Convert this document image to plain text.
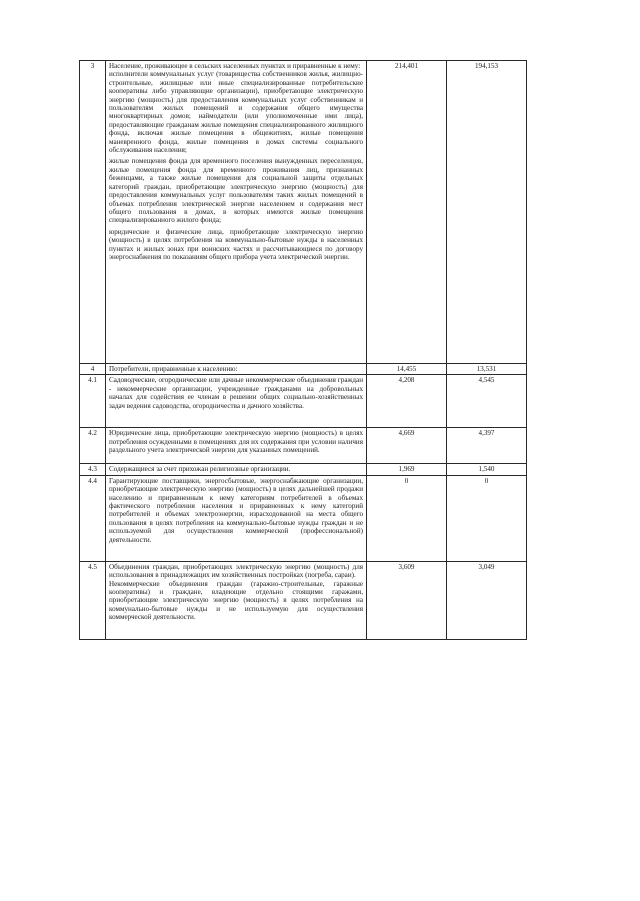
3	Население, проживающее в сельских населенных пунктах и приравненные к нему:

исполнители коммунальных услуг (товарищества собственников жилья, жилищно-строительные, жилищные или иные специализированные потребительские кооперативы либо управляющие организации), приобретающие электрическую энергию (мощность) для предоставления коммунальных услуг собственникам и пользователям жилых помещений и содержания общего имущества многоквартирных домов; наймодатели (или уполномоченные ими лица), предоставляющие гражданам жилые помещения специализированного жилищного фонда, включая жилые помещения в общежитиях, жилые помещения маневренного фонда, жилые помещения в домах системы социального обслуживания населения;

жилые помещения фонда для временного поселения вынужденных переселенцев, жилые помещения фонда для временного проживания лиц, признанных беженцами, а также жилые помещения для социальной защиты отдельных категорий граждан, приобретающие электрическую энергию (мощность) для предоставления коммунальных услуг пользователям таких жилых помещений в объемах потребления электрической энергии населением и содержания мест общего пользования в домах, в которых имеются жилые помещения специализированного жилого фонда;

юридические и физические лица, приобретающие электрическую энергию (мощность) в целях потребления на коммунально-бытовые нужды в населенных пунктах и жилых зонах при воинских частях и рассчитывающиеся по договору энергоснабжения по показаниям общего прибора учета электрической энергии.	214,401	194,153
4	Потребители, приравненные к населению:	14,455	13,531
4.1	Садоводческие, огороднические или дачные некоммерческие объединения граждан - некоммерческие организации, учрежденные гражданами на добровольных началах для содействия ее членам в решении общих социально-хозяйственных задач ведения садоводства, огородничества и дачного хозяйства.	4,208	4,545
4.2	Юридические лица, приобретающие электрическую энергию (мощность) в целях потребления осужденными в помещениях для их содержания при условии наличия раздельного учета электрической энергии для указанных помещений.	4,669	4,397
4.3	Содержащиеся за счет прихожан религиозные организации.	1,969	1,540
4.4	Гарантирующие поставщики, энергосбытовые, энергоснабжающие организации, приобретающие электрическую энергию (мощность) в целях дальнейшей продажи населению и приравненным к нему категориям потребителей в объемах фактического потребления населения и приравненных к нему категорий потребителей и объемах электроэнергии, израсходованной на места общего пользования в целях потребления на коммунально-бытовые нужды граждан и не используемой для осуществления коммерческой (профессиональной) деятельности.	0	0
4.5	Объединения граждан, приобретающих электрическую энергию (мощность) для использования в принадлежащих им хозяйственных постройках (погреба, сараи).

Некоммерческие объединения граждан (гаражно-строительные, гаражные кооперативы) и граждане, владеющие отдельно стоящими гаражами, приобретающие электрическую энергию (мощность) в целях потребления на коммунально-бытовые нужды и не используемую для осуществления коммерческой деятельности.	3,609	3,049
